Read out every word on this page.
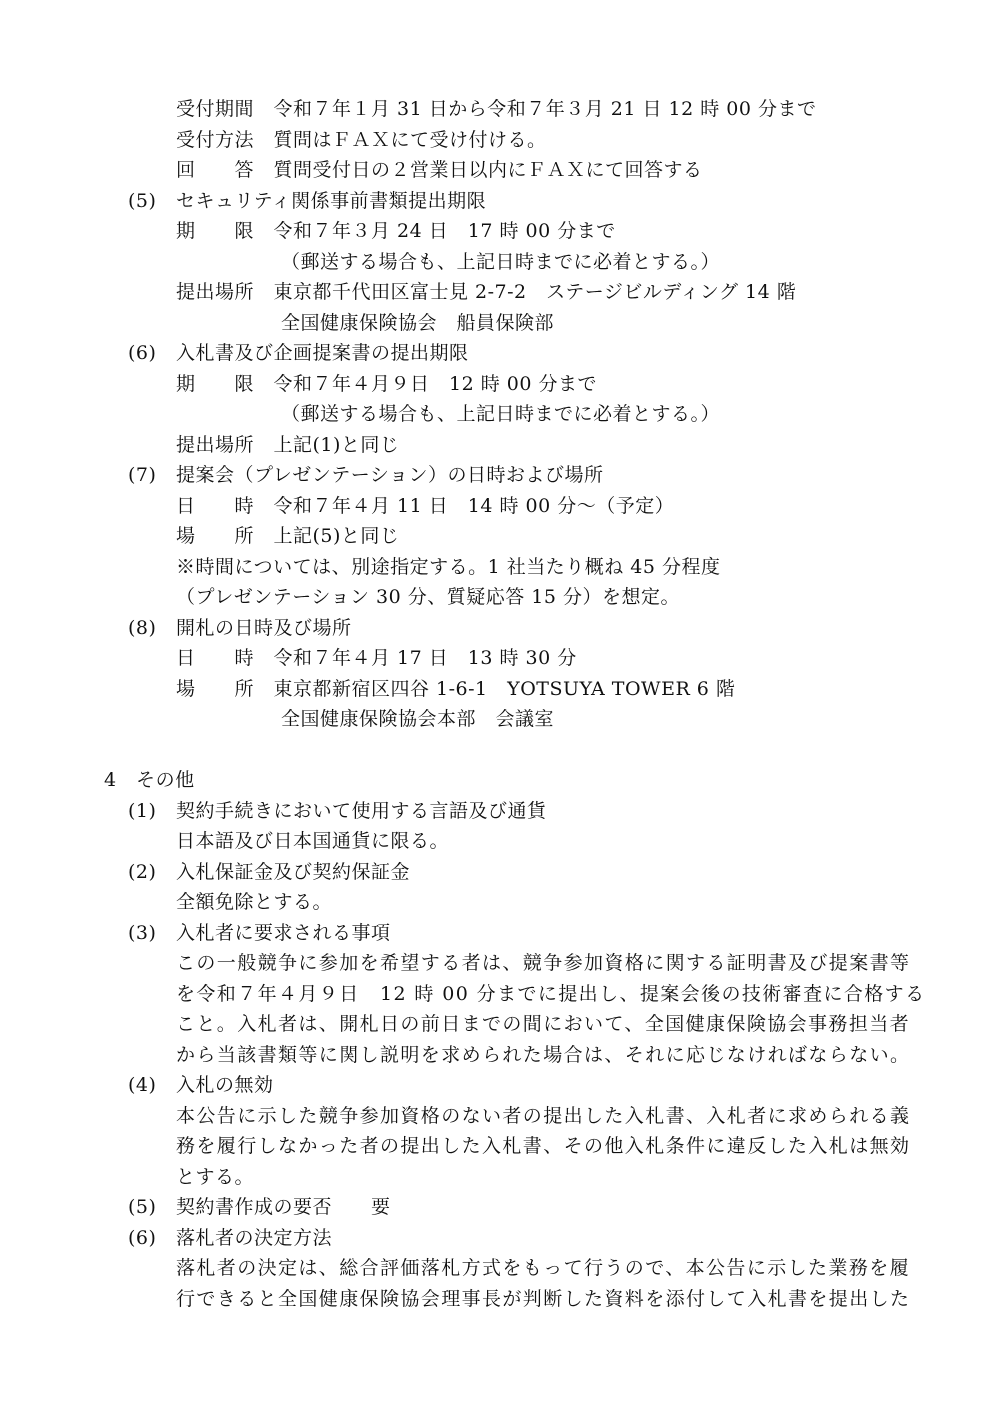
受付期間　令和７年１月 31 日から令和７年３月 21 日 12 時 00 分まで
受付方法　質問はＦＡＸにて受け付ける。
回　　答　質問受付日の２営業日以内にＦＡＸにて回答する
(5) セキュリティ関係事前書類提出期限
期　　限　令和７年３月 24 日　17 時 00 分まで
（郵送する場合も、上記日時までに必着とする。）
提出場所　東京都千代田区富士見 2-7-2　ステージビルディング 14 階
全国健康保険協会　船員保険部
(6) 入札書及び企画提案書の提出期限
期　　限　令和７年４月９日　12 時 00 分まで
（郵送する場合も、上記日時までに必着とする。）
提出場所　上記(1)と同じ
(7) 提案会（プレゼンテーション）の日時および場所
日　　時　令和７年４月 11 日　14 時 00 分～（予定）
場　　所　上記(5)と同じ
※時間については、別途指定する。1 社当たり概ね 45 分程度
（プレゼンテーション 30 分、質疑応答 15 分）を想定。
(8) 開札の日時及び場所
日　　時　令和７年４月 17 日　13 時 30 分
場　　所　東京都新宿区四谷 1-6-1　YOTSUYA TOWER 6 階
全国健康保険協会本部　会議室
4　その他
(1) 契約手続きにおいて使用する言語及び通貨
日本語及び日本国通貨に限る。
(2) 入札保証金及び契約保証金
全額免除とする。
(3) 入札者に要求される事項
この一般競争に参加を希望する者は、競争参加資格に関する証明書及び提案書等
を令和７年４月９日　12 時 00 分までに提出し、提案会後の技術審査に合格する
こと。入札者は、開札日の前日までの間において、全国健康保険協会事務担当者
から当該書類等に関し説明を求められた場合は、それに応じなければならない。
(4) 入札の無効
本公告に示した競争参加資格のない者の提出した入札書、入札者に求められる義
務を履行しなかった者の提出した入札書、その他入札条件に違反した入札は無効
とする。
(5) 契約書作成の要否　　要
(6) 落札者の決定方法
落札者の決定は、総合評価落札方式をもって行うので、本公告に示した業務を履
行できると全国健康保険協会理事長が判断した資料を添付して入札書を提出した
